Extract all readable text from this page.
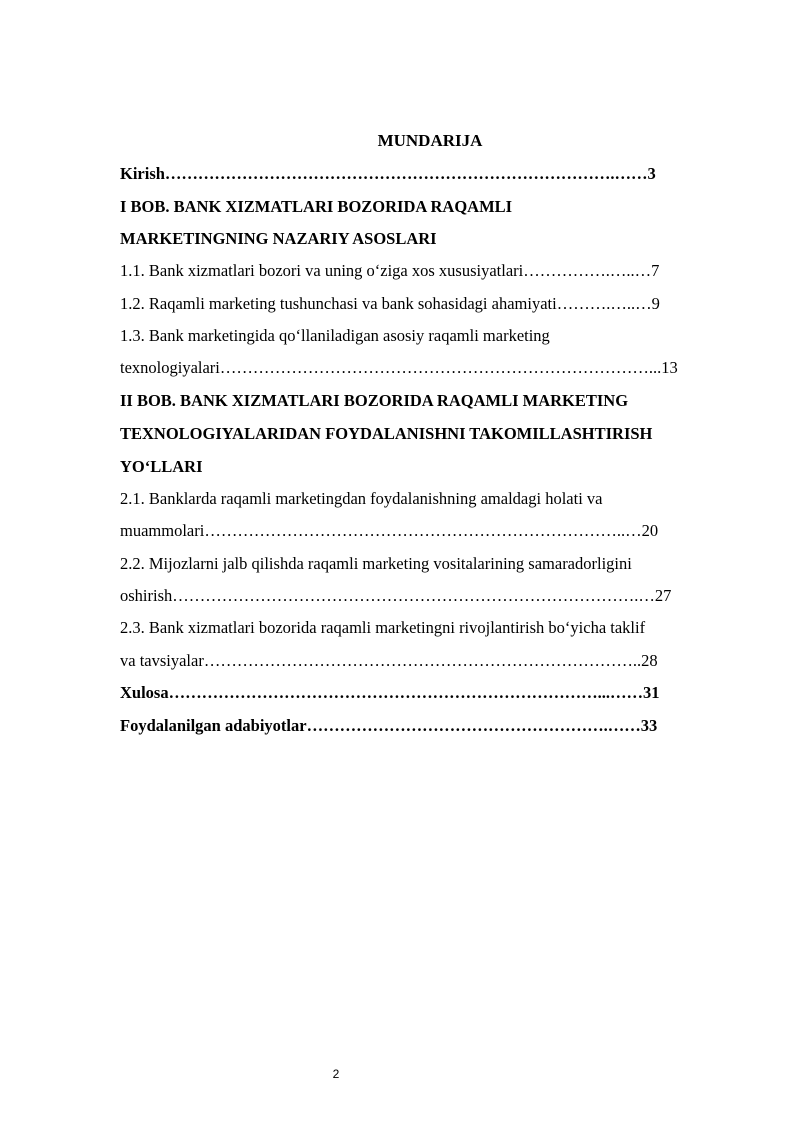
MUNDARIJA
Kirish……………………………………………………………………….……3
I BOB. BANK XIZMATLARI BOZORIDA RAQAMLI
MARKETINGNING NAZARIY ASOSLARI
1.1. Bank xizmatlari bozori va uning oʻziga xos xususiyatlari…………….…..…7
1.2. Raqamli marketing tushunchasi va bank sohasidagi ahamiyati……….…..…9
1.3. Bank marketingida qoʻllaniladigan asosiy raqamli marketing
texnologiyalari……………………………………………………………………...13
II BOB. BANK XIZMATLARI BOZORIDA RAQAMLI MARKETING
TEXNOLOGIYALARIDAN FOYDALANISHNI TAKOMILLASHTIRISH
YOʻLLARI
2.1. Banklarda raqamli marketingdan foydalanishning amaldagi holati va
muammolari…………………………………………………………………..…20
2.2. Mijozlarni jalb qilishda raqamli marketing vositalarining samaradorligini
oshirish………………………………………………………………………….…27
2.3. Bank xizmatlari bozorida raqamli marketingni rivojlantirish boʻyicha taklif
va tavsiyalar……………………………………………………………………..28
Xulosa……………………………………………………………………...……31
Foydalanilgan adabiyotlar……………………………………………….……33
2
